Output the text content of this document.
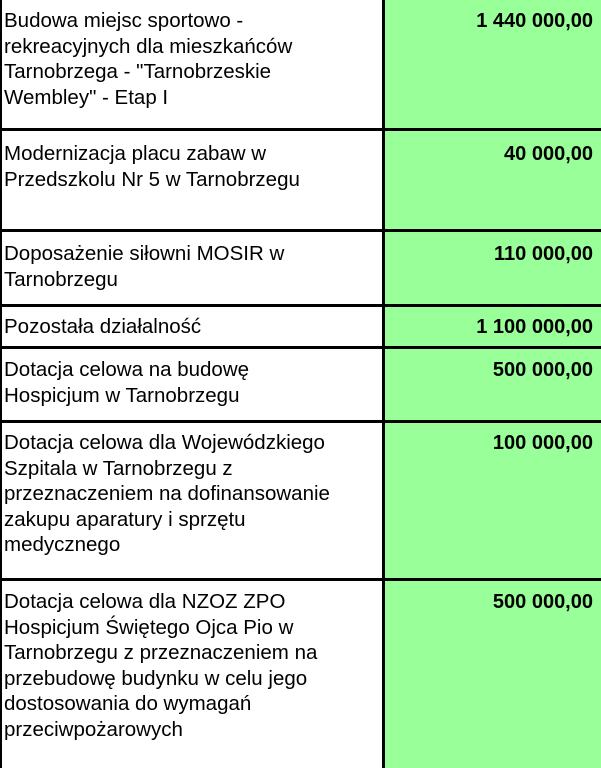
Budowa miejsc sportowo -
rekreacyjnych dla mieszkańców
Tarnobrzega - "Tarnobrzeskie
Wembley" - Etap I
1 440 000,00
Modernizacja placu zabaw w
Przedszkolu Nr 5 w Tarnobrzegu
40 000,00
Doposażenie siłowni MOSIR w
Tarnobrzegu
110 000,00
Pozostała działalność	1 100 000,00
Dotacja celowa na budowę
Hospicjum w Tarnobrzegu
500 000,00
Dotacja celowa dla Wojewódzkiego
Szpitala w Tarnobrzegu z
przeznaczeniem na dofinansowanie
zakupu aparatury i sprzętu
medycznego
100 000,00
Dotacja celowa dla NZOZ ZPO
Hospicjum Świętego Ojca Pio w
Tarnobrzegu z przeznaczeniem na
przebudowę budynku w celu jego
dostosowania do wymagań
przeciwpożarowych
500 000,00
